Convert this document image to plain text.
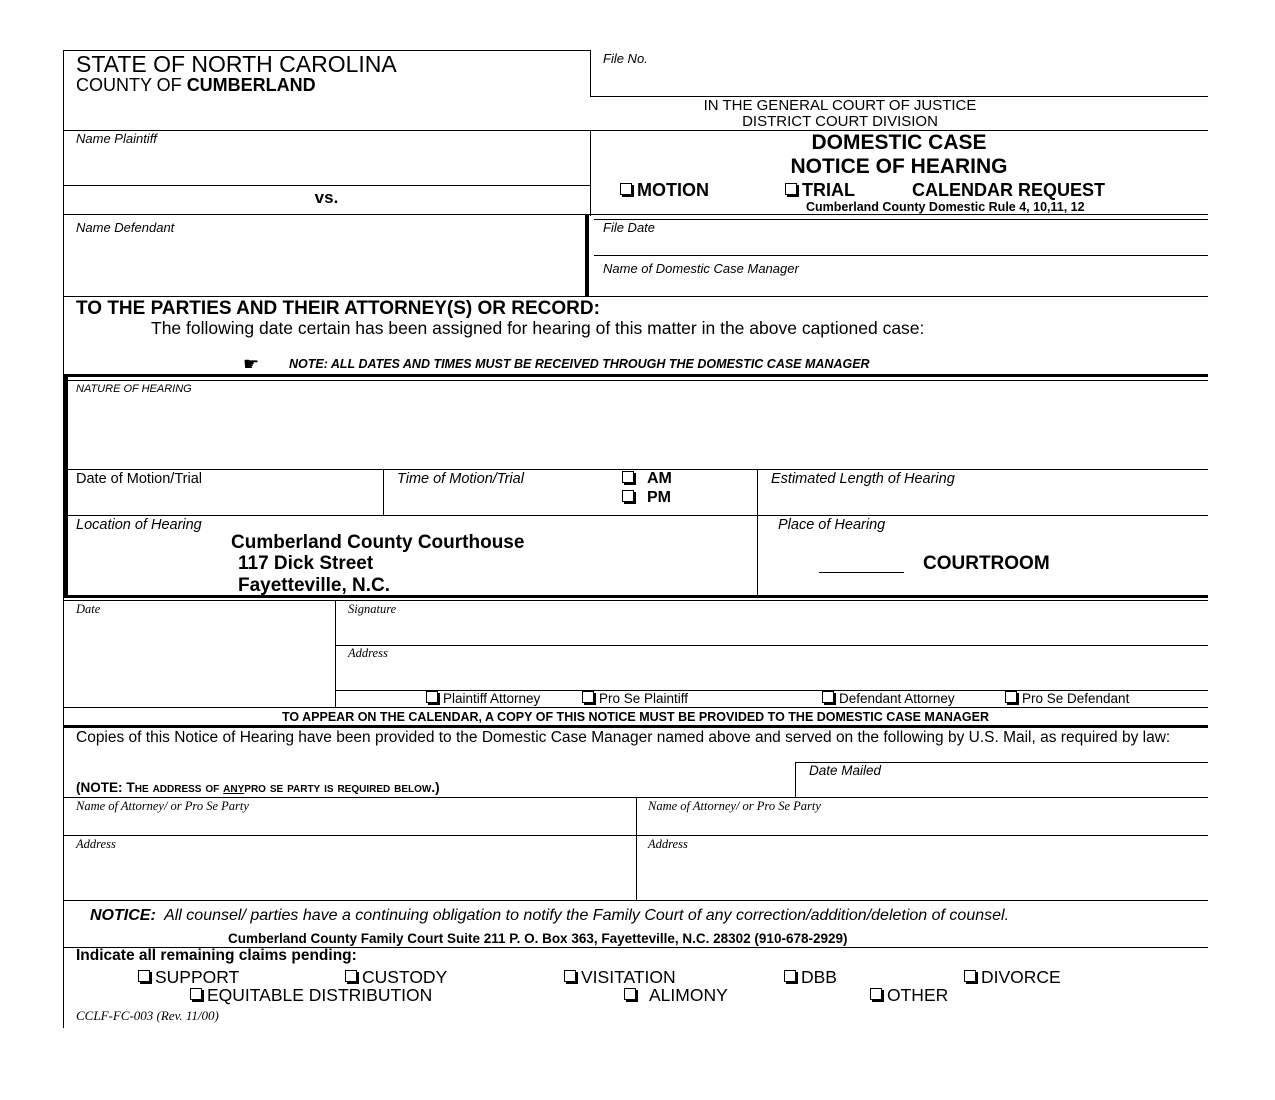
STATE OF NORTH CAROLINA
COUNTY OF CUMBERLAND
File No.
IN THE GENERAL COURT OF JUSTICE
DISTRICT COURT DIVISION
Name Plaintiff
vs.
DOMESTIC CASE
NOTICE OF HEARING
MOTION	TRIAL	CALENDAR REQUEST
Cumberland County Domestic Rule 4, 10,11, 12
Name Defendant	File Date
Name of Domestic Case Manager
TO THE PARTIES AND THEIR ATTORNEY(S) OR RECORD:
The following date certain has been assigned for hearing of this matter in the above captioned case:
☛ NOTE: ALL DATES AND TIMES MUST BE RECEIVED THROUGH THE DOMESTIC CASE MANAGER
NATURE OF HEARING
Date of Motion/Trial	Time of Motion/Trial	AM
PM
Estimated Length of Hearing
Location of Hearing
Cumberland County Courthouse
117 Dick Street
Fayetteville, N.C.
Place of Hearing
COURTROOM
Date	Signature
Address
Plaintiff Attorney	Pro Se Plaintiff	Defendant Attorney	Pro Se Defendant
TO APPEAR ON THE CALENDAR, A COPY OF THIS NOTICE MUST BE PROVIDED TO THE DOMESTIC CASE MANAGER
Copies of this Notice of Hearing have been provided to the Domestic Case Manager named above and served on the following by U.S. Mail, as required by law:
Date Mailed
(NOTE: The address of anypro se party is required below.)
Name of Attorney/ or Pro Se Party	Name of Attorney/ or Pro Se Party
Address	Address
NOTICE: All counsel/ parties have a continuing obligation to notify the Family Court of any correction/addition/deletion of counsel.
Cumberland County Family Court Suite 211 P. O. Box 363, Fayetteville, N.C. 28302 (910-678-2929)
Indicate all remaining claims pending:
SUPPORT	CUSTODY	VISITATION	DBB	DIVORCE
EQUITABLE DISTRIBUTION	ALIMONY	OTHER
CCLF-FC-003 (Rev. 11/00)
